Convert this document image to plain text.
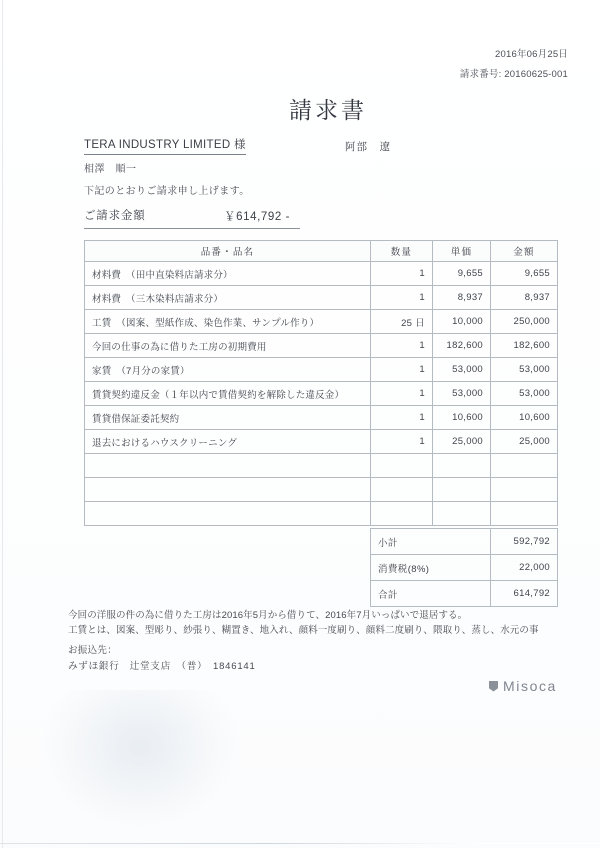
2016年06月25日
請求番号: 20160625-001
請求書
TERA INDUSTRY LIMITED 様	阿部　遼
相澤　順一
下記のとおりご請求申し上げます。
ご請求金額	￥614,792 -
品番・品名	数量	単価	金額
材料費　（田中直染料店請求分）	1	9,655	9,655
材料費　（三木染料店請求分）	1	8,937	8,937
工賃　（図案、型紙作成、染色作業、サンプル作り）	25 日	10,000	250,000
今回の仕事の為に借りた工房の初期費用	1	182,600	182,600
家賃　（7月分の家賃）	1	53,000	53,000
賃貸契約違反金（１年以内で賃借契約を解除した違反金）	1	53,000	53,000
賃貸借保証委託契約	1	10,600	10,600
退去におけるハウスクリーニング	1	25,000	25,000

小計	592,792
消費税(8%)	22,000
合計	614,792
今回の洋服の件の為に借りた工房は2016年5月から借りて、2016年7月いっぱいで退居する。
工賃とは、図案、型彫り、紗張り、糊置き、地入れ、顔料一度刷り、顔料二度刷り、隈取り、蒸し、水元の事
お振込先：
みずほ銀行　辻堂支店　（普）　1846141
Misoca
